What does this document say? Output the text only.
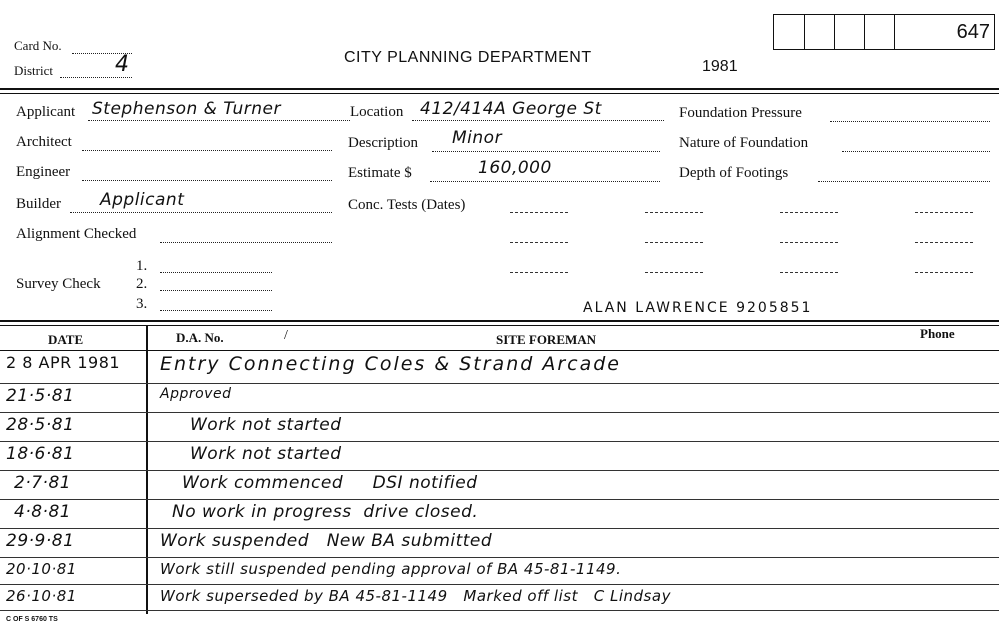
Card No.
District	4	CITY PLANNING DEPARTMENT
1981
647
Applicant Stephenson & Turner	Location 412/414A George St	Foundation Pressure
Architect	Description Minor	Nature of Foundation
Engineer	Estimate $	160,000	Depth of Footings
Builder Applicant	Conc. Tests (Dates)
Alignment Checked
Survey Check
1.
2.
3.	ALAN LAWRENCE 9205851
DATE	D.A. No.	/	SITE FOREMAN	Phone
2 8 APR 1981	Entry Connecting Coles & Strand Arcade
21·5·81	Approved
28·5·81	Work not started
18·6·81	Work not started
2·7·81	Work commenced     DSI notified
4·8·81	No work in progress  drive closed.
29·9·81	Work suspended   New BA submitted
20·10·81	Work still suspended pending approval of BA 45-81-1149.
26·10·81	Work superseded by BA 45-81-1149   Marked off list   C Lindsay
C OF S 6760 TS
